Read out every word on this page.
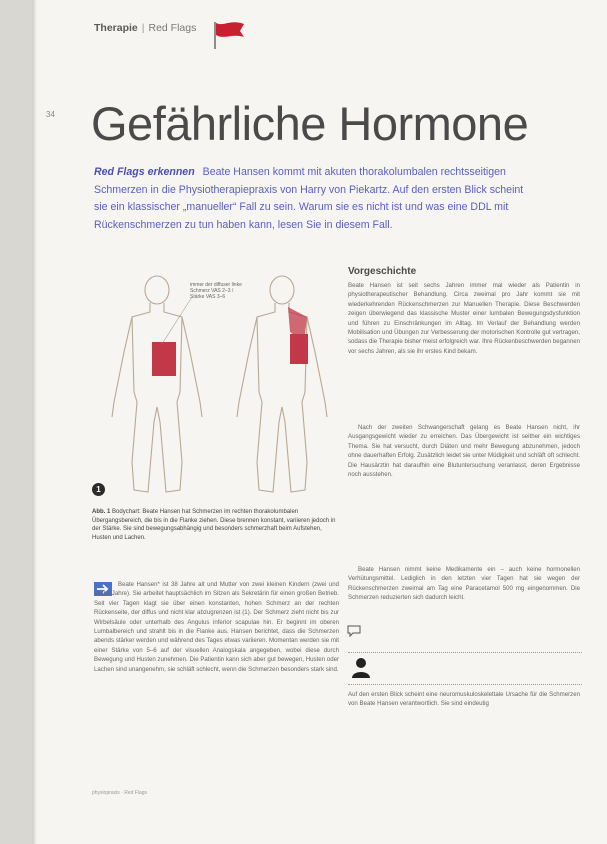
Therapie | Red Flags
34 Gefährliche Hormone
Red Flags erkennen Beate Hansen kommt mit akuten thorakolumbalen rechtsseitigen Schmerzen in die Physiotherapiepraxis von Harry von Piekartz. Auf den ersten Blick scheint sie ein klassischer „manueller“ Fall zu sein. Warum sie es nicht ist und was eine DDL mit Rückenschmerzen zu tun haben kann, lesen Sie in diesem Fall.
immer der diffuser linke Schmerz VAS 2–3 / Stärke VAS 3–6
1
Abb. 1 Bodychart: Beate Hansen hat Schmerzen im rechten thorakolumbalen Übergangsbereich, die bis in die Flanke ziehen. Diese brennen konstant, variieren jedoch in der Stärke. Sie sind bewegungsabhängig und besonders schmerzhaft beim Aufstehen, Husten und Lachen.
Beate Hansen* ist 38 Jahre alt und Mutter von zwei kleinen Kindern (zwei und sechs Jahre). Sie arbeitet hauptsächlich im Sitzen als Sekretärin für einen großen Betrieb. Seit vier Tagen klagt sie über einen konstanten, hohen Schmerz an der rechten Rückenseite, der diffus und nicht klar abzugrenzen ist (1). Der Schmerz zieht nicht bis zur Wirbelsäule oder unterhalb des Angulus inferior scapulae hin. Er beginnt im oberen Lumbalbereich und strahlt bis in die Flanke aus. Hansen berichtet, dass die Schmerzen abends stärker werden und während des Tages etwas variieren. Momentan werden sie mit einer Stärke von 5–6 auf der visuellen Analogskala angegeben, wobei diese durch Bewegung und Husten zunehmen. Die Patientin kann sich aber gut bewegen, Husten oder Lachen sind unangenehm, sie schläft schlecht, wenn die Schmerzen besonders stark sind.
Vorgeschichte
Beate Hansen ist seit sechs Jahren immer mal wieder als Patientin in physiotherapeutischer Behandlung. Circa zweimal pro Jahr kommt sie mit wiederkehrenden Rückenschmerzen zur Manuellen Therapie. Diese Beschwerden zeigen überwiegend das klassische Muster einer lumbalen Bewegungsdysfunktion und führen zu Einschränkungen im Alltag. Im Verlauf der Behandlung werden Mobilisation und Übungen zur Verbesserung der motorischen Kontrolle gut vertragen, sodass die Therapie bisher meist erfolgreich war. Ihre Rückenbeschwerden begannen vor sechs Jahren, als sie ihr erstes Kind bekam.
Nach der zweiten Schwangerschaft gelang es Beate Hansen nicht, ihr Ausgangsgewicht wieder zu erreichen. Das Übergewicht ist seither ein wichtiges Thema. Sie hat versucht, durch Diäten und mehr Bewegung abzunehmen, jedoch ohne dauerhaften Erfolg. Zusätzlich leidet sie unter Müdigkeit und schläft oft schlecht. Die Hausärztin hat daraufhin eine Blutuntersuchung veranlasst, deren Ergebnisse noch ausstehen.
Beate Hansen nimmt keine Medikamente ein – auch keine hormonellen Verhütungsmittel. Lediglich in den letzten vier Tagen hat sie wegen der Rückenschmerzen zweimal am Tag eine Paracetamol 500 mg eingenommen. Die Schmerzen reduzierten sich dadurch leicht.
Auf den ersten Blick scheint eine neuromuskuloskelettale Ursache für die Schmerzen von Beate Hansen verantwortlich. Sie sind eindeutig
physiopraxis · Red Flags
